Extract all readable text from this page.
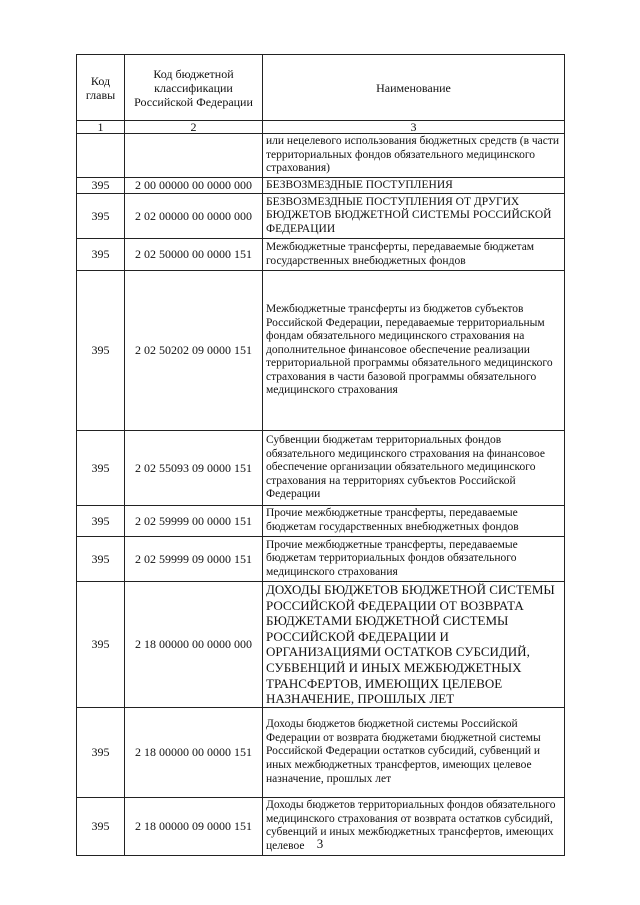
Код главы	Код бюджетной классификации Российской Федерации	Наименование
1	2	3
		или нецелевого использования бюджетных средств (в части территориальных фондов обязательного медицинского страхования)
395	2 00 00000 00 0000 000	БЕЗВОЗМЕЗДНЫЕ ПОСТУПЛЕНИЯ
395	2 02 00000 00 0000 000	БЕЗВОЗМЕЗДНЫЕ ПОСТУПЛЕНИЯ ОТ ДРУГИХ БЮДЖЕТОВ БЮДЖЕТНОЙ СИСТЕМЫ РОССИЙСКОЙ ФЕДЕРАЦИИ
395	2 02 50000 00 0000 151	Межбюджетные трансферты, передаваемые бюджетам государственных внебюджетных фондов
395	2 02 50202 09 0000 151	Межбюджетные трансферты из бюджетов субъектов Российской Федерации, передаваемые территориальным фондам обязательного медицинского страхования на дополнительное финансовое обеспечение реализации территориальной программы обязательного медицинского страхования в части базовой программы обязательного медицинского страхования
395	2 02 55093 09 0000 151	Субвенции бюджетам территориальных фондов обязательного медицинского страхования на финансовое обеспечение организации обязательного медицинского страхования на территориях субъектов Российской Федерации
395	2 02 59999 00 0000 151	Прочие межбюджетные трансферты, передаваемые бюджетам государственных внебюджетных фондов
395	2 02 59999 09 0000 151	Прочие межбюджетные трансферты, передаваемые бюджетам территориальных фондов обязательного медицинского страхования
395	2 18 00000 00 0000 000	ДОХОДЫ БЮДЖЕТОВ БЮДЖЕТНОЙ СИСТЕМЫ РОССИЙСКОЙ ФЕДЕРАЦИИ ОТ ВОЗВРАТА БЮДЖЕТАМИ БЮДЖЕТНОЙ СИСТЕМЫ РОССИЙСКОЙ ФЕДЕРАЦИИ И ОРГАНИЗАЦИЯМИ ОСТАТКОВ СУБСИДИЙ, СУБВЕНЦИЙ И ИНЫХ МЕЖБЮДЖЕТНЫХ ТРАНСФЕРТОВ, ИМЕЮЩИХ ЦЕЛЕВОЕ НАЗНАЧЕНИЕ, ПРОШЛЫХ ЛЕТ
395	2 18 00000 00 0000 151	Доходы бюджетов бюджетной системы Российской Федерации от возврата бюджетами бюджетной системы Российской Федерации остатков субсидий, субвенций и иных межбюджетных трансфертов, имеющих целевое назначение, прошлых лет
395	2 18 00000 09 0000 151	Доходы бюджетов территориальных фондов обязательного медицинского страхования от возврата остатков субсидий, субвенций и иных межбюджетных трансфертов, имеющих целевое 3
